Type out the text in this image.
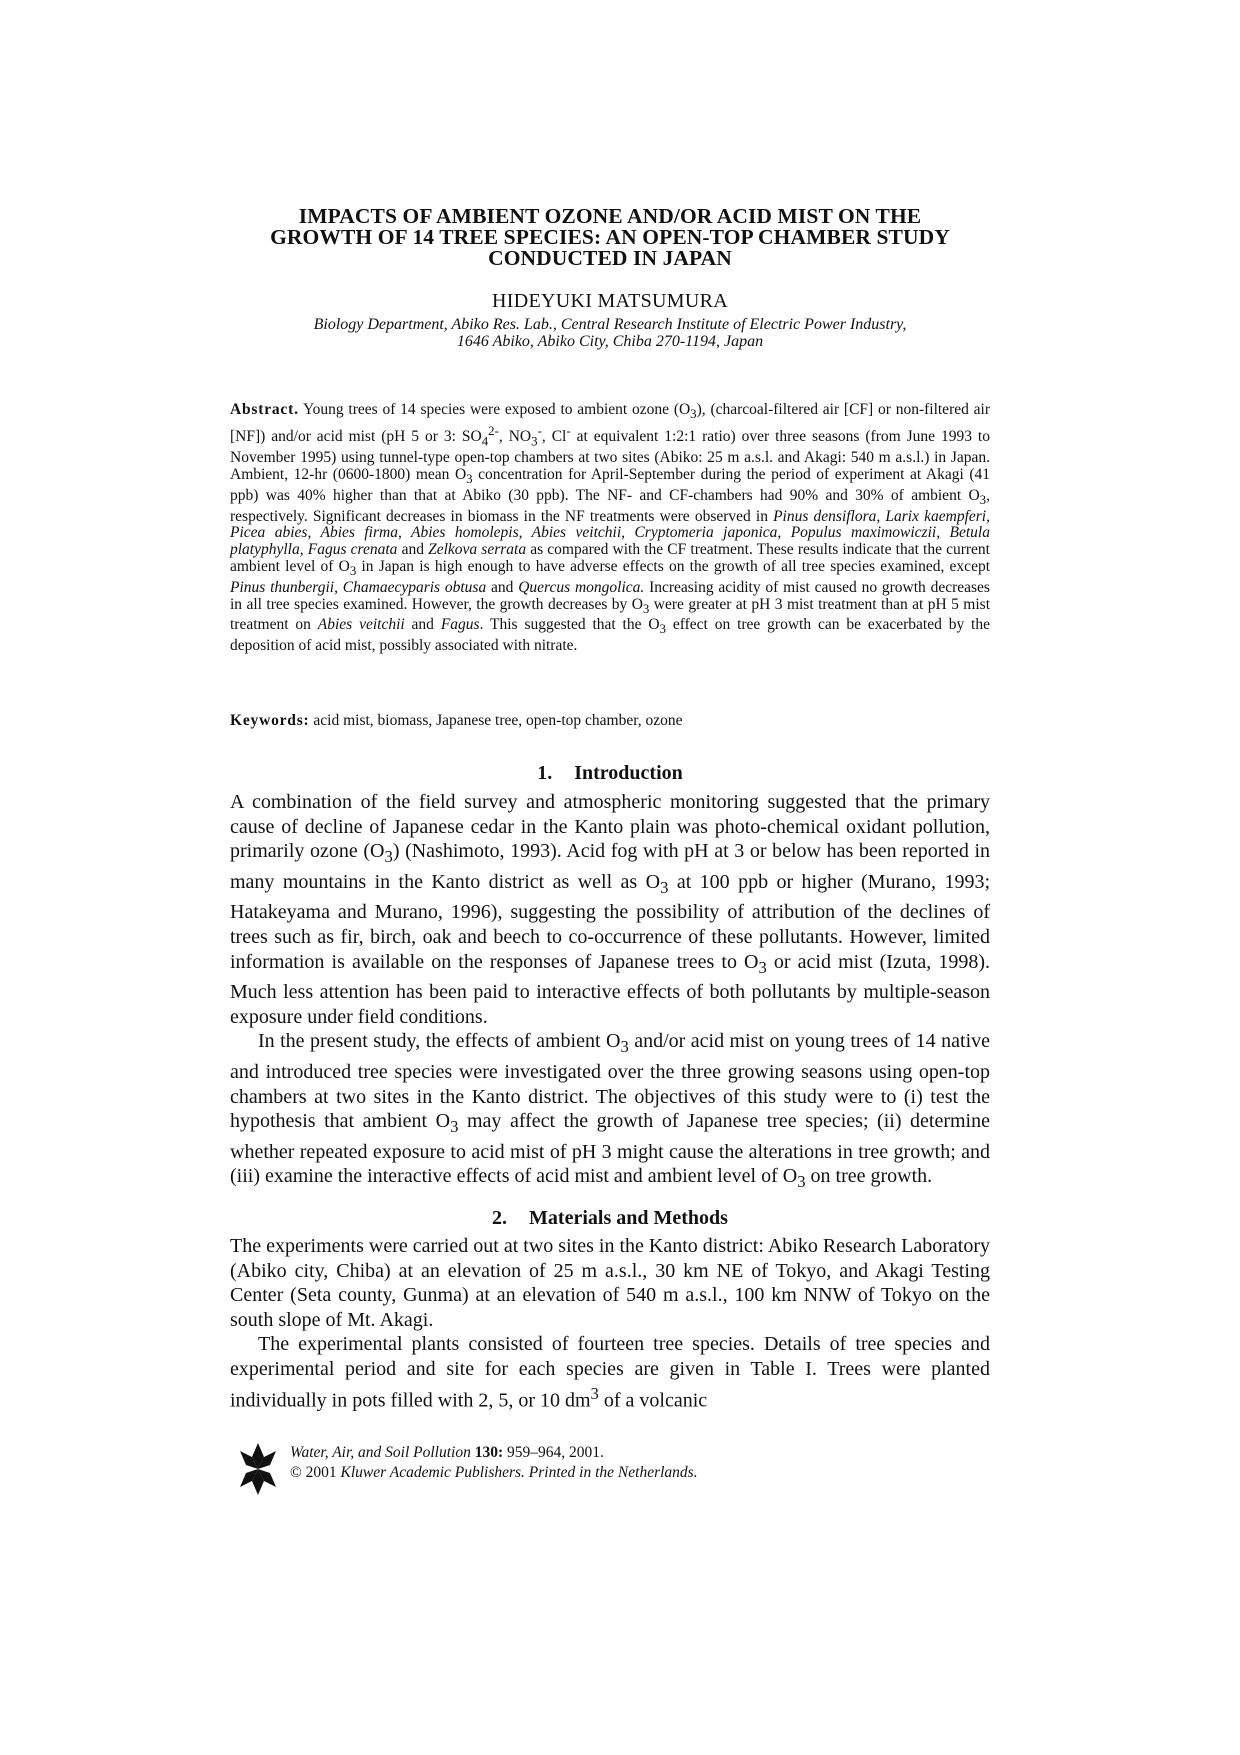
IMPACTS OF AMBIENT OZONE AND/OR ACID MIST ON THE
GROWTH OF 14 TREE SPECIES: AN OPEN-TOP CHAMBER STUDY
CONDUCTED IN JAPAN
HIDEYUKI MATSUMURA
Biology Department, Abiko Res. Lab., Central Research Institute of Electric Power Industry,
1646 Abiko, Abiko City, Chiba 270-1194, Japan
Abstract. Young trees of 14 species were exposed to ambient ozone $(O_3)$, (charcoal-filtered air [CF] or non-filtered air [NF]) and/or acid mist (pH 5 or 3: $SO_4^{2-}$, $NO_3^-$, Cl- at equivalent 1:2:1 ratio) over three seasons (from June 1993 to November 1995) using tunnel-type open-top chambers at two sites (Abiko: 25 m a.s.l. and Akagi: 540 m a.s.l.) in Japan. Ambient, 12-hr (0600-1800) mean $O_3$ concentration for April-September during the period of experiment at Akagi (41 ppb) was 40% higher than that at Abiko (30 ppb). The NF- and CF-chambers had 90% and 30% of ambient $O_3$, respectively. Significant decreases in biomass in the NF treatments were observed in Pinus densiflora, Larix kaempferi, Picea abies, Abies firma, Abies homolepis, Abies veitchii, Cryptomeria japonica, Populus maximowiczii, Betula platyphylla, Fagus crenata and Zelkova serrata as compared with the CF treatment. These results indicate that the current ambient level of $O_3$ in Japan is high enough to have adverse effects on the growth of all tree species examined, except Pinus thunbergii, Chamaecyparis obtusa and Quercus mongolica. Increasing acidity of mist caused no growth decreases in all tree species examined. However, the growth decreases by $O_3$ were greater at pH 3 mist treatment than at pH 5 mist treatment on Abies veitchii and Fagus. This suggested that the $O_3$ effect on tree growth can be exacerbated by the deposition of acid mist, possibly associated with nitrate.
Keywords: acid mist, biomass, Japanese tree, open-top chamber, ozone
1. Introduction

A combination of the field survey and atmospheric monitoring suggested that the primary cause of decline of Japanese cedar in the Kanto plain was photo-chemical oxidant pollution, primarily ozone $(O_3)$ (Nashimoto, 1993). Acid fog with pH at 3 or below has been reported in many mountains in the Kanto district as well as $O_3$ at 100 ppb or higher (Murano, 1993; Hatakeyama and Murano, 1996), suggesting the possibility of attribution of the declines of trees such as fir, birch, oak and beech to co-occurrence of these pollutants. However, limited information is available on the responses of Japanese trees to $O_3$ or acid mist (Izuta, 1998). Much less attention has been paid to interactive effects of both pollutants by multiple-season exposure under field conditions.

In the present study, the effects of ambient $O_3$ and/or acid mist on young trees of 14 native and introduced tree species were investigated over the three growing seasons using open-top chambers at two sites in the Kanto district. The objectives of this study were to (i) test the hypothesis that ambient $O_3$ may affect the growth of Japanese tree species; (ii) determine whether repeated exposure to acid mist of pH 3 might cause the alterations in tree growth; and (iii) examine the interactive effects of acid mist and ambient level of $O_3$ on tree growth.

2. Materials and Methods

The experiments were carried out at two sites in the Kanto district: Abiko Research Laboratory (Abiko city, Chiba) at an elevation of 25 m a.s.l., 30 km NE of Tokyo, and Akagi Testing Center (Seta county, Gunma) at an elevation of 540 m a.s.l., 100 km NNW of Tokyo on the south slope of Mt. Akagi.

The experimental plants consisted of fourteen tree species. Details of tree species and experimental period and site for each species are given in Table I. Trees were planted individually in pots filled with 2, 5, or 10 $dm^3$ of a volcanic

Water, Air, and Soil Pollution 130: 959–964, 2001.
© 2001 Kluwer Academic Publishers. Printed in the Netherlands.
